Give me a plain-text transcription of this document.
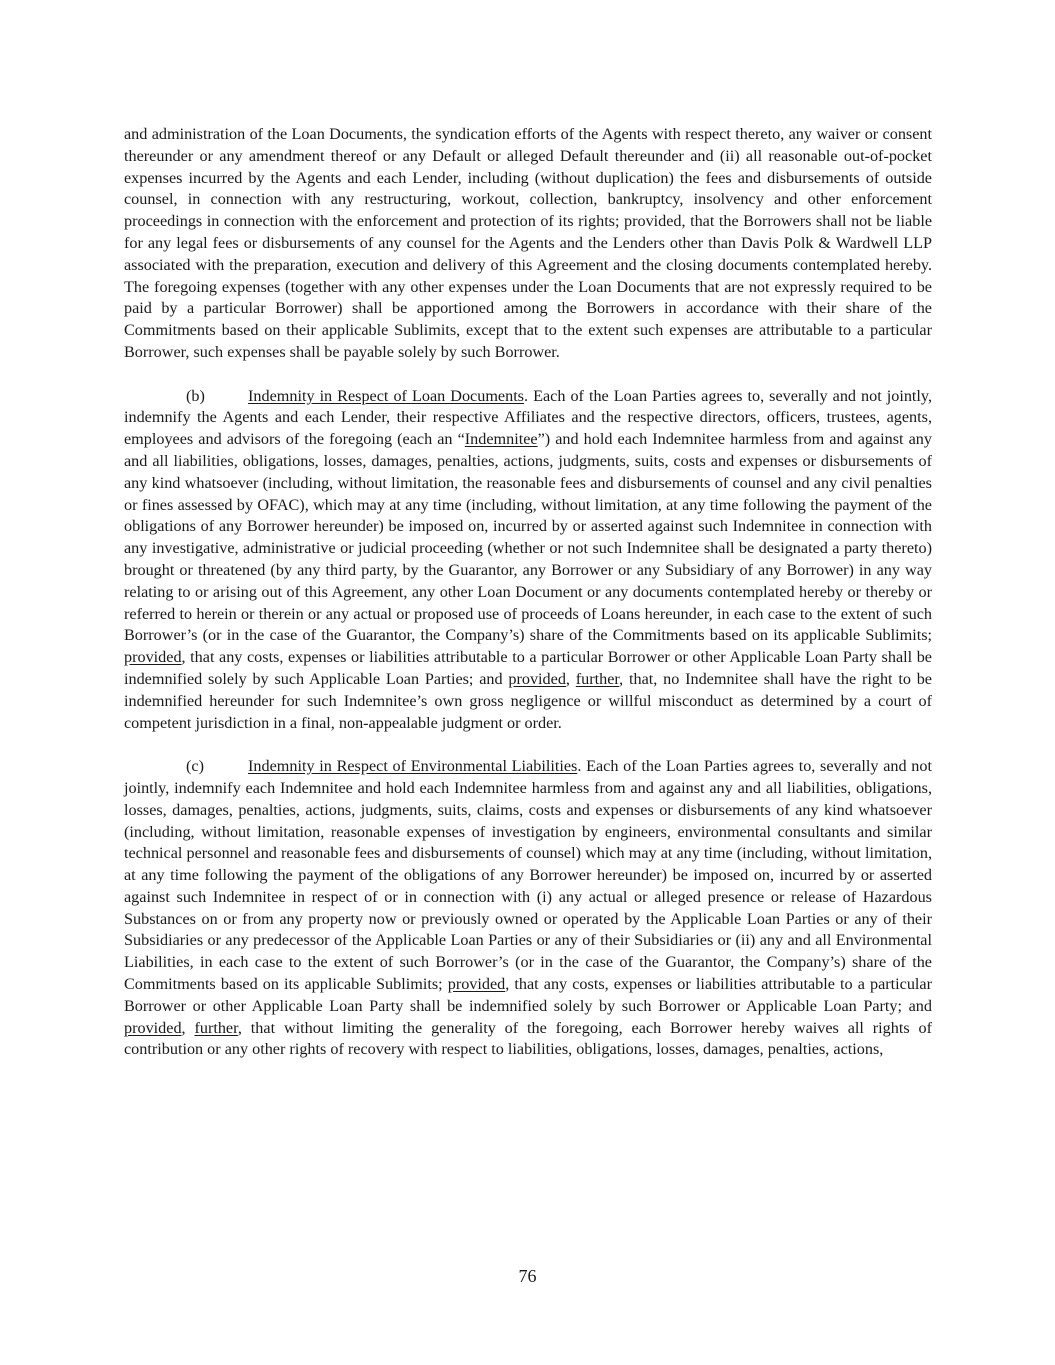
and administration of the Loan Documents, the syndication efforts of the Agents with respect thereto, any waiver or consent thereunder or any amendment thereof or any Default or alleged Default thereunder and (ii) all reasonable out-of-pocket expenses incurred by the Agents and each Lender, including (without duplication) the fees and disbursements of outside counsel, in connection with any restructuring, workout, collection, bankruptcy, insolvency and other enforcement proceedings in connection with the enforcement and protection of its rights; provided, that the Borrowers shall not be liable for any legal fees or disbursements of any counsel for the Agents and the Lenders other than Davis Polk & Wardwell LLP associated with the preparation, execution and delivery of this Agreement and the closing documents contemplated hereby. The foregoing expenses (together with any other expenses under the Loan Documents that are not expressly required to be paid by a particular Borrower) shall be apportioned among the Borrowers in accordance with their share of the Commitments based on their applicable Sublimits, except that to the extent such expenses are attributable to a particular Borrower, such expenses shall be payable solely by such Borrower.

(b)	Indemnity in Respect of Loan Documents. Each of the Loan Parties agrees to, severally and not jointly, indemnify the Agents and each Lender, their respective Affiliates and the respective directors, officers, trustees, agents, employees and advisors of the foregoing (each an “Indemnitee”) and hold each Indemnitee harmless from and against any and all liabilities, obligations, losses, damages, penalties, actions, judgments, suits, costs and expenses or disbursements of any kind whatsoever (including, without limitation, the reasonable fees and disbursements of counsel and any civil penalties or fines assessed by OFAC), which may at any time (including, without limitation, at any time following the payment of the obligations of any Borrower hereunder) be imposed on, incurred by or asserted against such Indemnitee in connection with any investigative, administrative or judicial proceeding (whether or not such Indemnitee shall be designated a party thereto) brought or threatened (by any third party, by the Guarantor, any Borrower or any Subsidiary of any Borrower) in any way relating to or arising out of this Agreement, any other Loan Document or any documents contemplated hereby or thereby or referred to herein or therein or any actual or proposed use of proceeds of Loans hereunder, in each case to the extent of such Borrower’s (or in the case of the Guarantor, the Company’s) share of the Commitments based on its applicable Sublimits; provided, that any costs, expenses or liabilities attributable to a particular Borrower or other Applicable Loan Party shall be indemnified solely by such Applicable Loan Parties; and provided, further, that, no Indemnitee shall have the right to be indemnified hereunder for such Indemnitee’s own gross negligence or willful misconduct as determined by a court of competent jurisdiction in a final, non-appealable judgment or order.

(c)	Indemnity in Respect of Environmental Liabilities. Each of the Loan Parties agrees to, severally and not jointly, indemnify each Indemnitee and hold each Indemnitee harmless from and against any and all liabilities, obligations, losses, damages, penalties, actions, judgments, suits, claims, costs and expenses or disbursements of any kind whatsoever (including, without limitation, reasonable expenses of investigation by engineers, environmental consultants and similar technical personnel and reasonable fees and disbursements of counsel) which may at any time (including, without limitation, at any time following the payment of the obligations of any Borrower hereunder) be imposed on, incurred by or asserted against such Indemnitee in respect of or in connection with (i) any actual or alleged presence or release of Hazardous Substances on or from any property now or previously owned or operated by the Applicable Loan Parties or any of their Subsidiaries or any predecessor of the Applicable Loan Parties or any of their Subsidiaries or (ii) any and all Environmental Liabilities, in each case to the extent of such Borrower’s (or in the case of the Guarantor, the Company’s) share of the Commitments based on its applicable Sublimits; provided, that any costs, expenses or liabilities attributable to a particular Borrower or other Applicable Loan Party shall be indemnified solely by such Borrower or Applicable Loan Party; and provided, further, that without limiting the generality of the foregoing, each Borrower hereby waives all rights of contribution or any other rights of recovery with respect to liabilities, obligations, losses, damages, penalties, actions,

76
